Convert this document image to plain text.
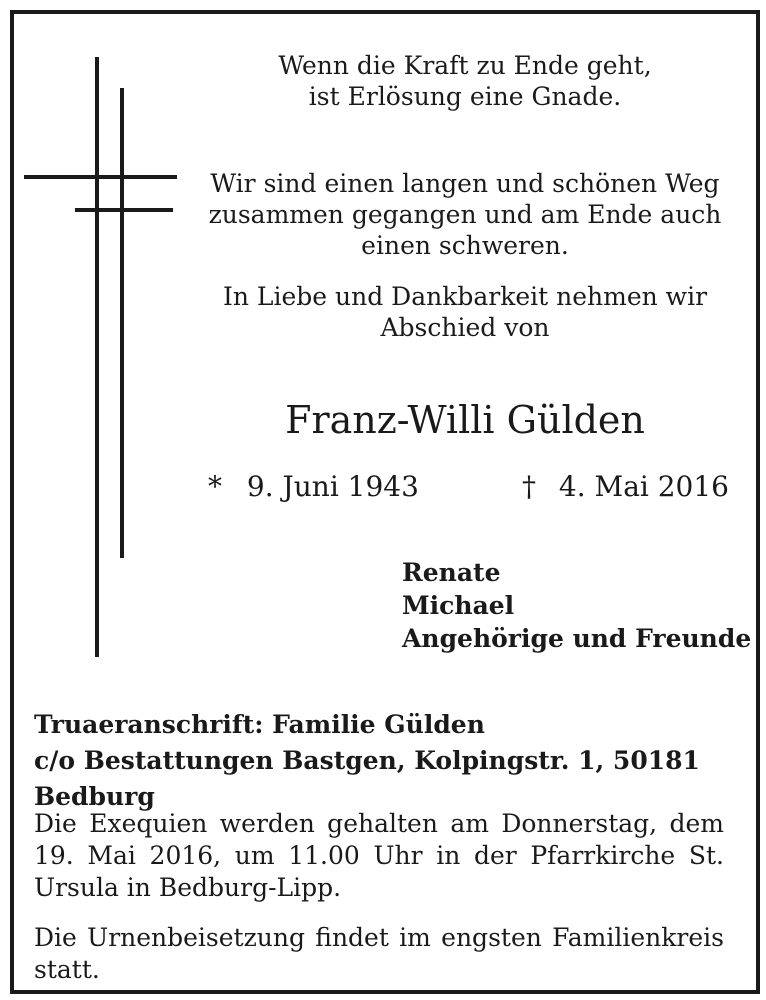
Wenn die Kraft zu Ende geht,
ist Erlösung eine Gnade.
Wir sind einen langen und schönen Weg
zusammen gegangen und am Ende auch
einen schweren.
In Liebe und Dankbarkeit nehmen wir
Abschied von
Franz-Willi Gülden
* 9. Juni 1943	† 4. Mai 2016
Renate
Michael
Angehörige und Freunde
Truaeranschrift: Familie Gülden
c/o Bestattungen Bastgen, Kolpingstr. 1, 50181 Bedburg
Die Exequien werden gehalten am Donnerstag, dem 19. Mai 2016, um 11.00 Uhr in der Pfarrkirche St. Ursula in Bedburg-Lipp.
Die Urnenbeisetzung findet im engsten Familienkreis statt.
